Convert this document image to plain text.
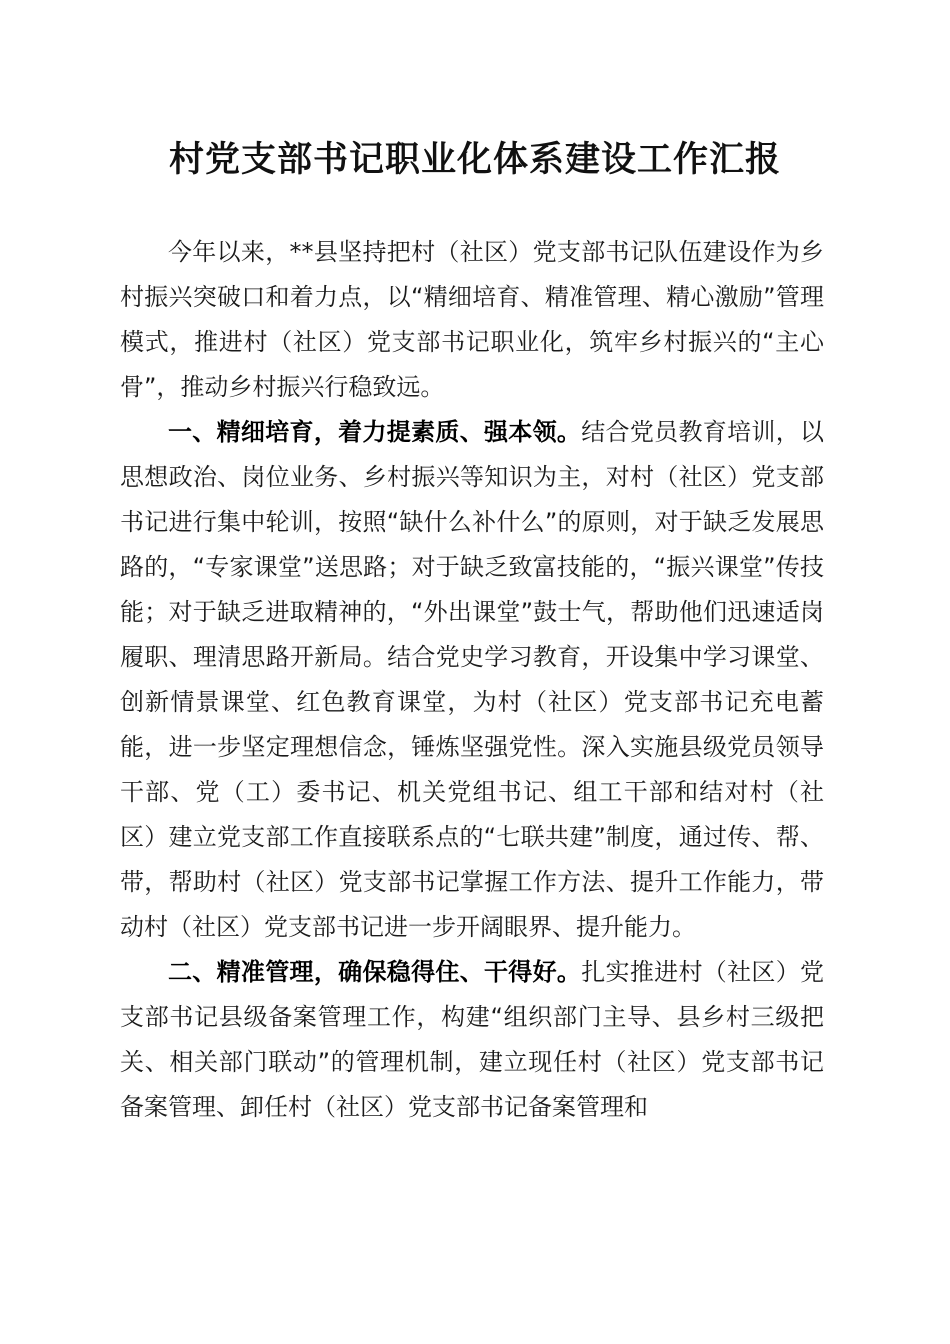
村党支部书记职业化体系建设工作汇报

今年以来，**县坚持把村（社区）党支部书记队伍建设作为乡村振兴突破口和着力点，以“精细培育、精准管理、精心激励”管理模式，推进村（社区）党支部书记职业化，筑牢乡村振兴的“主心骨”，推动乡村振兴行稳致远。

一、精细培育，着力提素质、强本领。结合党员教育培训，以思想政治、岗位业务、乡村振兴等知识为主，对村（社区）党支部书记进行集中轮训，按照“缺什么补什么”的原则，对于缺乏发展思路的，“专家课堂”送思路；对于缺乏致富技能的，“振兴课堂”传技能；对于缺乏进取精神的，“外出课堂”鼓士气，帮助他们迅速适岗履职、理清思路开新局。结合党史学习教育，开设集中学习课堂、创新情景课堂、红色教育课堂，为村（社区）党支部书记充电蓄能，进一步坚定理想信念，锤炼坚强党性。深入实施县级党员领导干部、党（工）委书记、机关党组书记、组工干部和结对村（社区）建立党支部工作直接联系点的“七联共建”制度，通过传、帮、带，帮助村（社区）党支部书记掌握工作方法、提升工作能力，带动村（社区）党支部书记进一步开阔眼界、提升能力。

二、精准管理，确保稳得住、干得好。扎实推进村（社区）党支部书记县级备案管理工作，构建“组织部门主导、县乡村三级把关、相关部门联动”的管理机制，建立现任村（社区）党支部书记备案管理、卸任村（社区）党支部书记备案管理和
